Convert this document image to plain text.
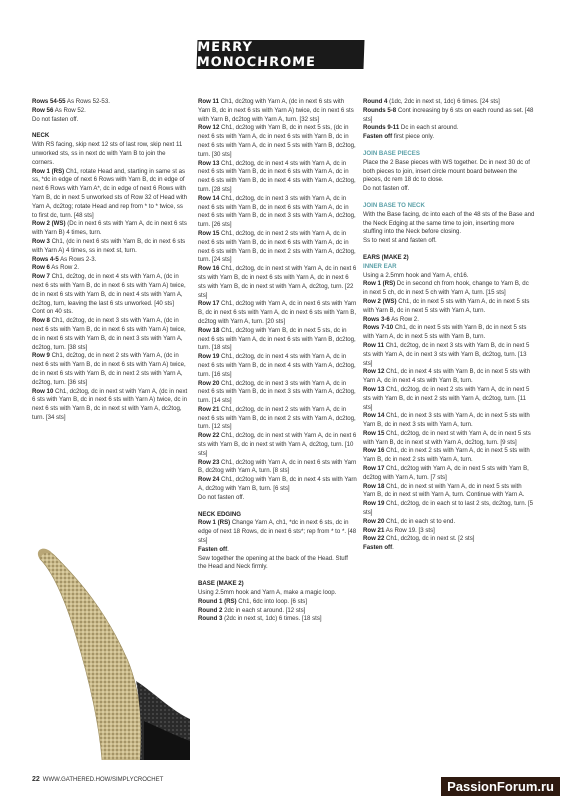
MERRY MONOCHROME

Rows 54-55 As Rows 52-53.

Row 56 As Row 52.

Do not fasten off.

NECK

With RS facing, skip next 12 sts of last row, skip next 11 unworked sts, ss in next dc with Yarn B to join the corners.

Row 1 (RS) Ch1, rotate Head and, starting in same st as ss, *dc in edge of next 6 Rows with Yarn B, dc in edge of next 6 Rows with Yarn A*, dc in edge of next 6 Rows with Yarn B, dc in next 5 unworked sts of Row 32 of Head with Yarn A, dc2tog; rotate Head and rep from * to * twice, ss to first dc, turn. [48 sts]

Row 2 (WS) (Dc in next 6 sts with Yarn A, dc in next 6 sts with Yarn B) 4 times, turn.

Row 3 Ch1, (dc in next 6 sts with Yarn B, dc in next 6 sts with Yarn A) 4 times, ss in next st, turn.

Rows 4-5 As Rows 2-3.

Row 6 As Row 2.

Row 7 Ch1, dc2tog, dc in next 4 sts with Yarn A, (dc in next 6 sts with Yarn B, dc in next 6 sts with Yarn A) twice, dc in next 6 sts with Yarn B, dc in next 4 sts with Yarn A, dc2tog, turn, leaving the last 6 sts unworked. [40 sts]

Cont on 40 sts.

Row 8 Ch1, dc2tog, dc in next 3 sts with Yarn A, (dc in next 6 sts with Yarn B, dc in next 6 sts with Yarn A) twice, dc in next 6 sts with Yarn B, dc in next 3 sts with Yarn A, dc2tog, turn. [38 sts]

Row 9 Ch1, dc2tog, dc in next 2 sts with Yarn A, (dc in next 6 sts with Yarn B, dc in next 6 sts with Yarn A) twice, dc in next 6 sts with Yarn B, dc in next 2 sts with Yarn A, dc2tog, turn. [36 sts]

Row 10 Ch1, dc2tog, dc in next st with Yarn A, (dc in next 6 sts with Yarn B, dc in next 6 sts with Yarn A) twice, dc in next 6 sts with Yarn B, dc in next st with Yarn A, dc2tog, turn. [34 sts]

Row 11 Ch1, dc2tog with Yarn A, (dc in next 6 sts with Yarn B, dc in next 6 sts with Yarn A) twice, dc in next 6 sts with Yarn B, dc2tog with Yarn A, turn. [32 sts]

Row 12 Ch1, dc2tog with Yarn B, dc in next 5 sts, (dc in next 6 sts with Yarn A, dc in next 6 sts with Yarn B, dc in next 6 sts with Yarn A, dc in next 5 sts with Yarn B, dc2tog, turn. [30 sts]

Row 13 Ch1, dc2tog, dc in next 4 sts with Yarn A, dc in next 6 sts with Yarn B, dc in next 6 sts with Yarn A, dc in next 6 sts with Yarn B, dc in next 4 sts with Yarn A, dc2tog, turn. [28 sts]

Row 14 Ch1, dc2tog, dc in next 3 sts with Yarn A, dc in next 6 sts with Yarn B, dc in next 6 sts with Yarn A, dc in next 6 sts with Yarn B, dc in next 3 sts with Yarn A, dc2tog, turn. [26 sts]

Row 15 Ch1, dc2tog, dc in next 2 sts with Yarn A, dc in next 6 sts with Yarn B, dc in next 6 sts with Yarn A, dc in next 6 sts with Yarn B, dc in next 2 sts with Yarn A, dc2tog, turn. [24 sts]

Row 16 Ch1, dc2tog, dc in next st with Yarn A, dc in next 6 sts with Yarn B, dc in next 6 sts with Yarn A, dc in next 6 sts with Yarn B, dc in next st with Yarn A, dc2tog, turn. [22 sts]

Row 17 Ch1, dc2tog with Yarn A, dc in next 6 sts with Yarn B, dc in next 6 sts with Yarn A, dc in next 6 sts with Yarn B, dc2tog with Yarn A, turn. [20 sts]

Row 18 Ch1, dc2tog with Yarn B, dc in next 5 sts, dc in next 6 sts with Yarn A, dc in next 6 sts with Yarn B, dc2tog, turn. [18 sts]

Row 19 Ch1, dc2tog, dc in next 4 sts with Yarn A, dc in next 6 sts with Yarn B, dc in next 4 sts with Yarn A, dc2tog, turn. [16 sts]

Row 20 Ch1, dc2tog, dc in next 3 sts with Yarn A, dc in next 6 sts with Yarn B, dc in next 3 sts with Yarn A, dc2tog, turn. [14 sts]

Row 21 Ch1, dc2tog, dc in next 2 sts with Yarn A, dc in next 6 sts with Yarn B, dc in next 2 sts with Yarn A, dc2tog, turn. [12 sts]

Row 22 Ch1, dc2tog, dc in next st with Yarn A, dc in next 6 sts with Yarn B, dc in next st with Yarn A, dc2tog, turn. [10 sts]

Row 23 Ch1, dc2tog with Yarn A, dc in next 6 sts with Yarn B, dc2tog with Yarn A, turn. [8 sts]

Row 24 Ch1, dc2tog with Yarn B, dc in next 4 sts with Yarn A, dc2tog with Yarn B, turn. [6 sts]

Do not fasten off.

NECK EDGING

Row 1 (RS) Change Yarn A, ch1, *dc in next 6 sts, dc in edge of next 18 Rows, dc in next 6 sts*; rep from * to *. [48 sts]

Fasten off.

Sew together the opening at the back of the Head. Stuff the Head and Neck firmly.

BASE (MAKE 2)

Using 2.5mm hook and Yarn A, make a magic loop.

Round 1 (RS) Ch1, 6dc into loop. [6 sts]

Round 2 2dc in each st around. [12 sts]

Round 3 (2dc in next st, 1dc) 6 times. [18 sts]

Round 4 (1dc, 2dc in next st, 1dc) 6 times. [24 sts]

Rounds 5-8 Cont increasing by 6 sts on each round as set. [48 sts]

Rounds 9-11 Dc in each st around.

Fasten off first piece only.

JOIN BASE PIECES

Place the 2 Base pieces with WS together. Dc in next 30 dc of both pieces to join, insert circle mount board between the pieces, dc rem 18 dc to close.

Do not fasten off.

JOIN BASE TO NECK

With the Base facing, dc into each of the 48 sts of the Base and the Neck Edging at the same time to join, inserting more stuffing into the Neck before closing.

Ss to next st and fasten off.

EARS (MAKE 2)

INNER EAR

Using a 2.5mm hook and Yarn A, ch16.

Row 1 (RS) Dc in second ch from hook, change to Yarn B, dc in next 5 ch, dc in next 5 ch with Yarn A, turn. [15 sts]

Row 2 (WS) Ch1, dc in next 5 sts with Yarn A, dc in next 5 sts with Yarn B, dc in next 5 sts with Yarn A, turn.

Rows 3-6 As Row 2.

Rows 7-10 Ch1, dc in next 5 sts with Yarn B, dc in next 5 sts with Yarn A, dc in next 5 sts with Yarn B, turn.

Row 11 Ch1, dc2tog, dc in next 3 sts with Yarn B, dc in next 5 sts with Yarn A, dc in next 3 sts with Yarn B, dc2tog, turn. [13 sts]

Row 12 Ch1, dc in next 4 sts with Yarn B, dc in next 5 sts with Yarn A, dc in next 4 sts with Yarn B, turn.

Row 13 Ch1, dc2tog, dc in next 2 sts with Yarn A, dc in next 5 sts with Yarn B, dc in next 2 sts with Yarn A, dc2tog, turn. [11 sts]

Row 14 Ch1, dc in next 3 sts with Yarn A, dc in next 5 sts with Yarn B, dc in next 3 sts with Yarn A, turn.

Row 15 Ch1, dc2tog, dc in next st with Yarn A, dc in next 5 sts with Yarn B, dc in next st with Yarn A, dc2tog, turn. [9 sts]

Row 16 Ch1, dc in next 2 sts with Yarn A, dc in next 5 sts with Yarn B, dc in next 2 sts with Yarn A, turn.

Row 17 Ch1, dc2tog with Yarn A, dc in next 5 sts with Yarn B, dc2tog with Yarn A, turn. [7 sts]

Row 18 Ch1, dc in next st with Yarn A, dc in next 5 sts with Yarn B, dc in next st with Yarn A, turn. Continue with Yarn A.

Row 19 Ch1, dc2tog, dc in each st to last 2 sts, dc2tog, turn. [5 sts]

Row 20 Ch1, dc in each st to end.

Row 21 As Row 19. [3 sts]

Row 22 Ch1, dc2tog, dc in next st. [2 sts]

Fasten off.

22 WWW.GATHERED.HOW/SIMPLYCROCHET	PassionForum.ru
